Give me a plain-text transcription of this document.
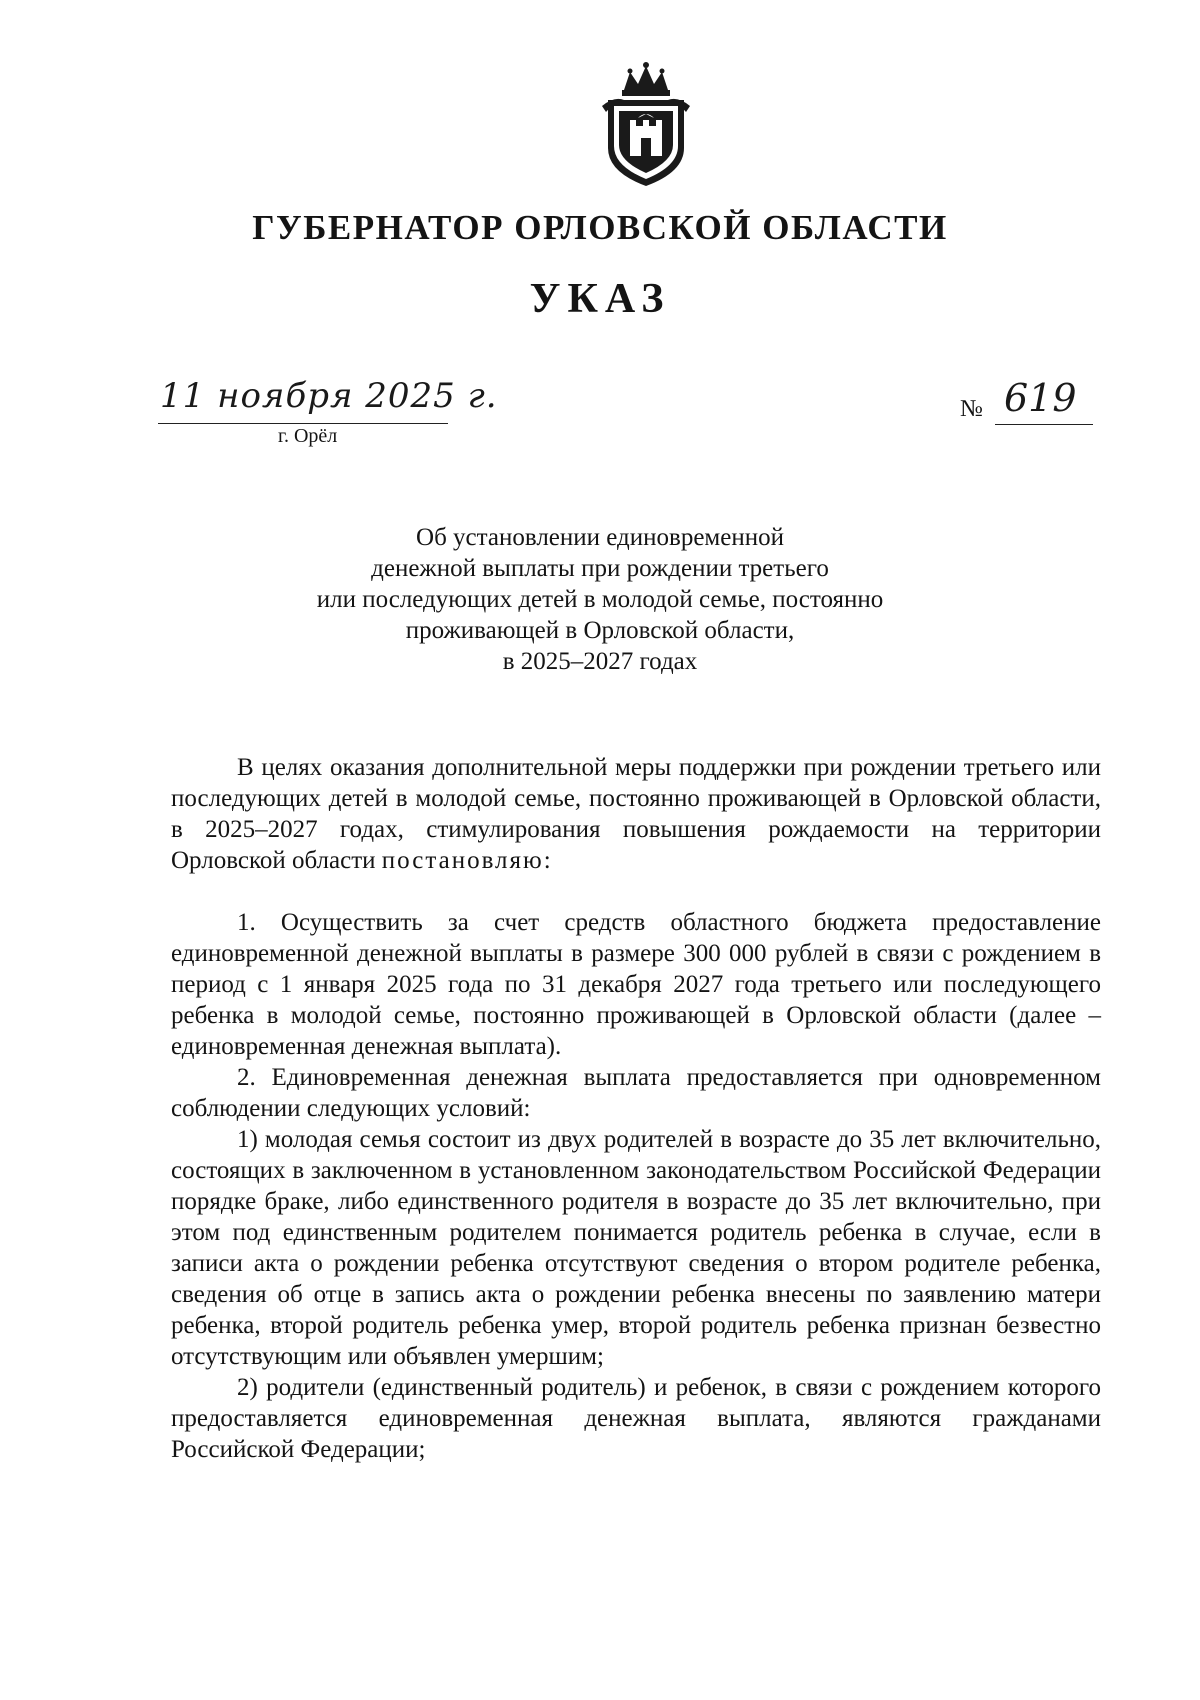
ГУБЕРНАТОР ОРЛОВСКОЙ ОБЛАСТИ
УКАЗ
11 ноября 2025 г.
г. Орёл
№ 619
Об установлении единовременной
денежной выплаты при рождении третьего
или последующих детей в молодой семье, постоянно
проживающей в Орловской области,
в 2025–2027 годах

В целях оказания дополнительной меры поддержки при рождении третьего или последующих детей в молодой семье, постоянно проживающей в Орловской области, в 2025–2027 годах, стимулирования повышения рождаемости на территории Орловской области постановляю:

1. Осуществить за счет средств областного бюджета предоставление единовременной денежной выплаты в размере 300 000 рублей в связи с рождением в период с 1 января 2025 года по 31 декабря 2027 года третьего или последующего ребенка в молодой семье, постоянно проживающей в Орловской области (далее – единовременная денежная выплата).

2. Единовременная денежная выплата предоставляется при одновременном соблюдении следующих условий:

1) молодая семья состоит из двух родителей в возрасте до 35 лет включительно, состоящих в заключенном в установленном законодательством Российской Федерации порядке браке, либо единственного родителя в возрасте до 35 лет включительно, при этом под единственным родителем понимается родитель ребенка в случае, если в записи акта о рождении ребенка отсутствуют сведения о втором родителе ребенка, сведения об отце в запись акта о рождении ребенка внесены по заявлению матери ребенка, второй родитель ребенка умер, второй родитель ребенка признан безвестно отсутствующим или объявлен умершим;

2) родители (единственный родитель) и ребенок, в связи с рождением которого предоставляется единовременная денежная выплата, являются гражданами Российской Федерации;
